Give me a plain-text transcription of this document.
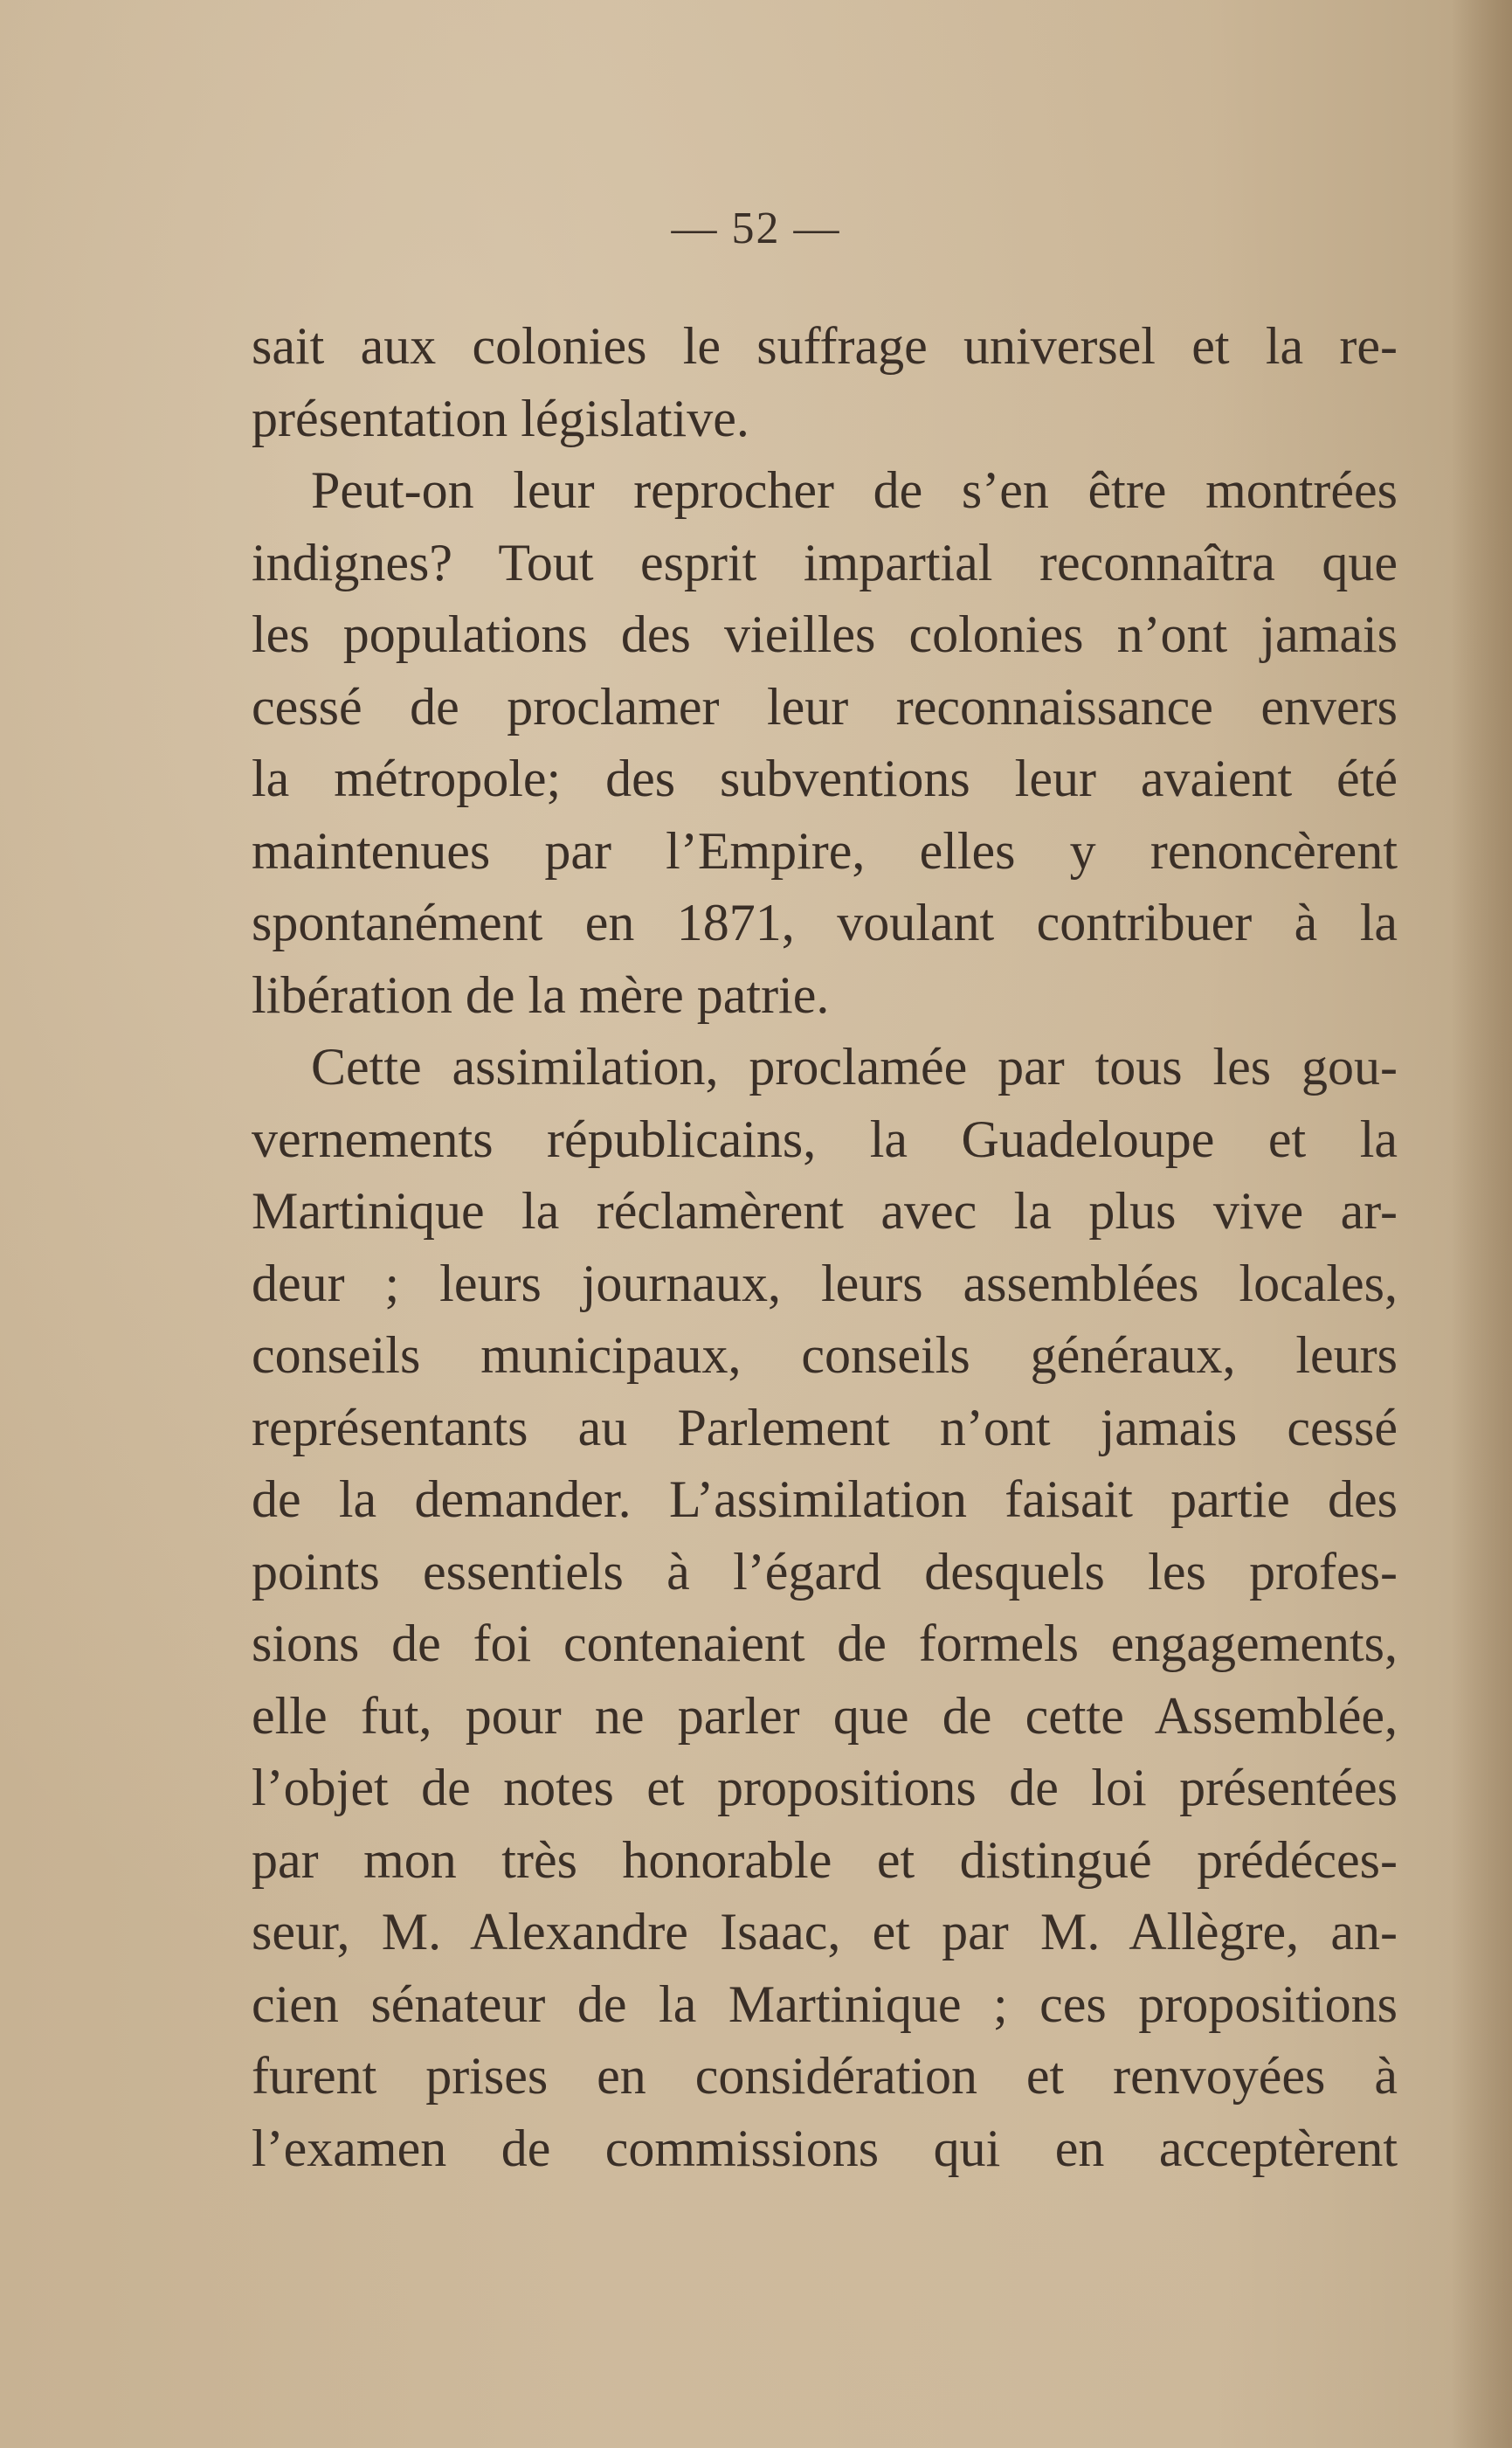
— 52 —
sait aux colonies le suffrage universel et la re-
présentation législative.
Peut-on leur reprocher de s’en être montrées
indignes? Tout esprit impartial reconnaîtra que
les populations des vieilles colonies n’ont jamais
cessé de proclamer leur reconnaissance envers
la métropole; des subventions leur avaient été
maintenues par l’Empire, elles y renoncèrent
spontanément en 1871, voulant contribuer à la
libération de la mère patrie.
Cette assimilation, proclamée par tous les gou-
vernements républicains, la Guadeloupe et la
Martinique la réclamèrent avec la plus vive ar-
deur ; leurs journaux, leurs assemblées locales,
conseils municipaux, conseils généraux, leurs
représentants au Parlement n’ont jamais cessé
de la demander. L’assimilation faisait partie des
points essentiels à l’égard desquels les profes-
sions de foi contenaient de formels engagements,
elle fut, pour ne parler que de cette Assemblée,
l’objet de notes et propositions de loi présentées
par mon très honorable et distingué prédéces-
seur, M. Alexandre Isaac, et par M. Allègre, an-
cien sénateur de la Martinique ; ces propositions
furent prises en considération et renvoyées à
l’examen de commissions qui en acceptèrent
